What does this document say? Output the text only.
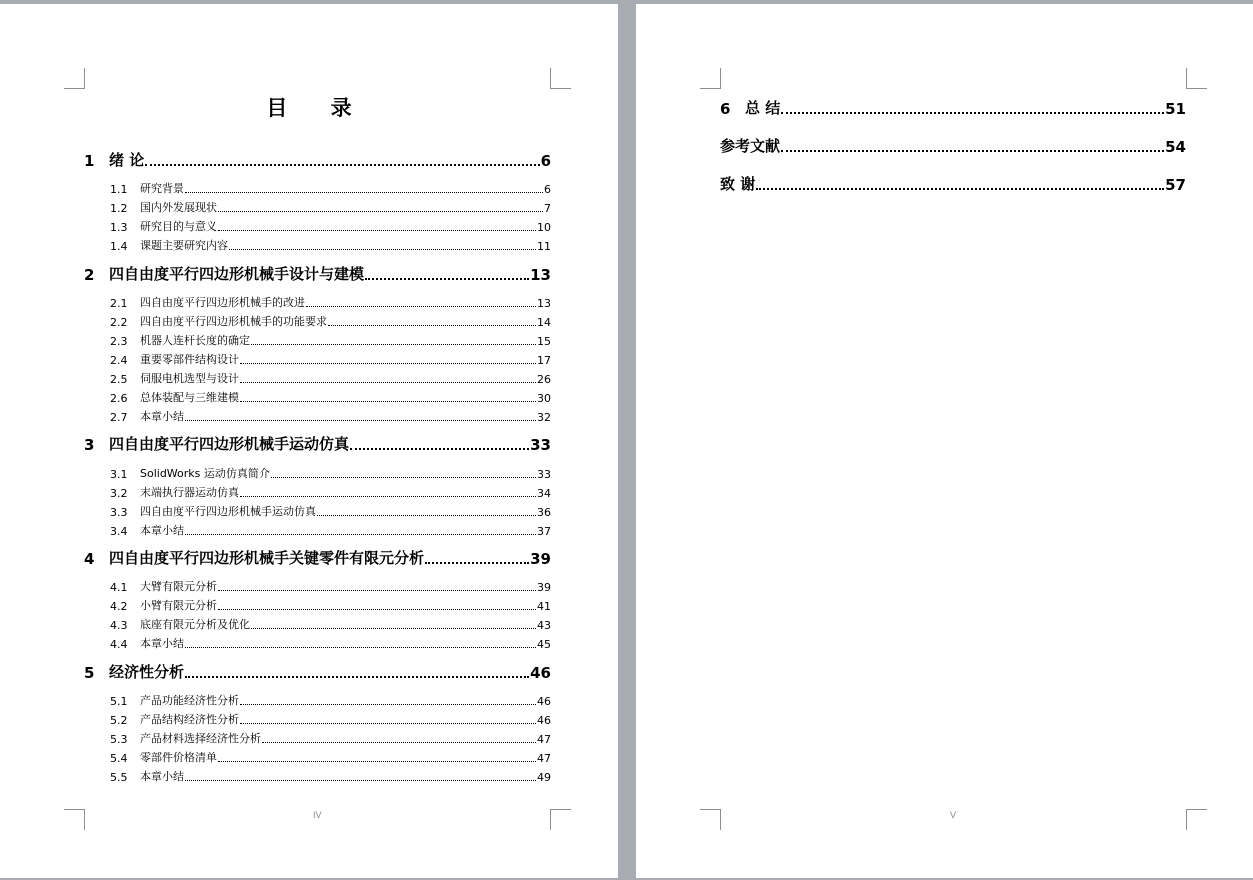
目 录
1 绪 论	6
1.1	研究背景	6
1.2	国内外发展现状	7
1.3	研究目的与意义	10
1.4	课题主要研究内容	11
2 四自由度平行四边形机械手设计与建模	13
2.1	四自由度平行四边形机械手的改进	13
2.2	四自由度平行四边形机械手的功能要求	14
2.3	机器人连杆长度的确定	15
2.4	重要零部件结构设计	17
2.5	伺服电机选型与设计	26
2.6	总体装配与三维建模	30
2.7	本章小结	32
3 四自由度平行四边形机械手运动仿真	33
3.1	SolidWorks 运动仿真简介	33
3.2	末端执行器运动仿真	34
3.3	四自由度平行四边形机械手运动仿真	36
3.4	本章小结	37
4 四自由度平行四边形机械手关键零件有限元分析	39
4.1	大臂有限元分析	39
4.2	小臂有限元分析	41
4.3	底座有限元分析及优化	43
4.4	本章小结	45
5 经济性分析	46
5.1	产品功能经济性分析	46
5.2	产品结构经济性分析	46
5.3	产品材料选择经济性分析	47
5.4	零部件价格清单	47
5.5	本章小结	49
IV
6 总 结	51
参考文献	54
致 谢	57
V
